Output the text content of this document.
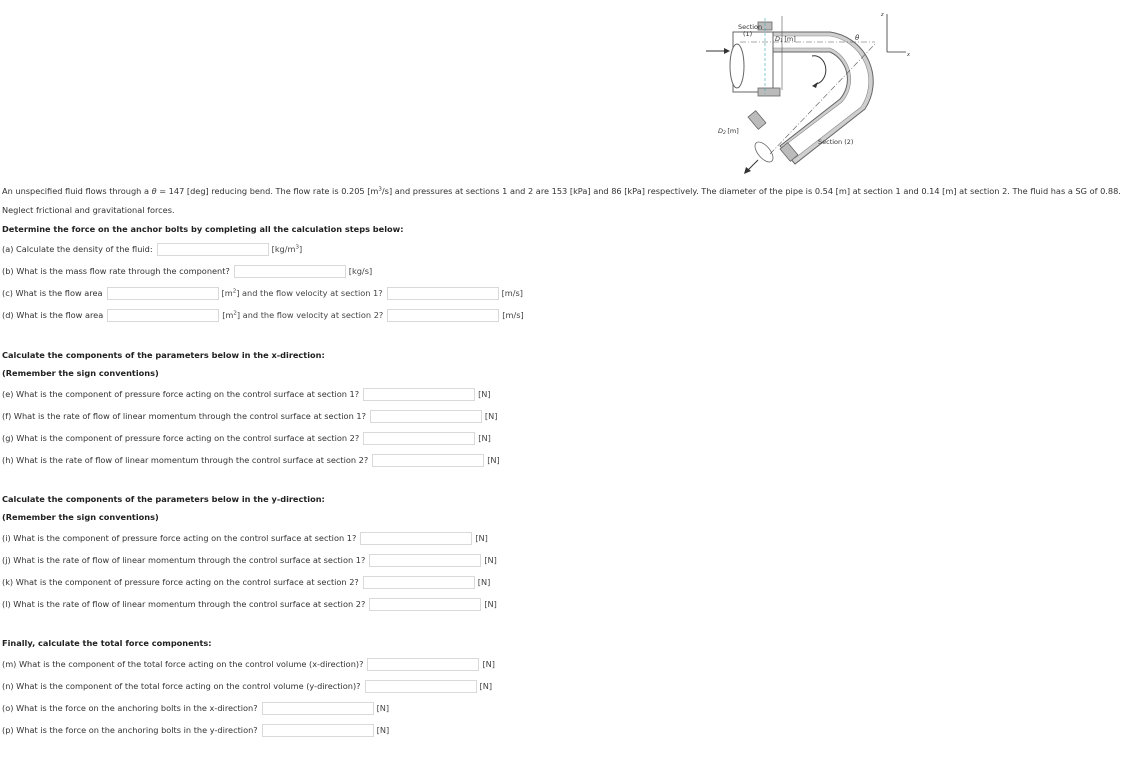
z
x
Section
(1)
D1 [m]	θ
D2 [m]
Section (2)
An unspecified fluid flows through a θ = 147 [deg] reducing bend. The flow rate is 0.205 $[m^3/s]$ and pressures at sections 1 and 2 are 153 [kPa] and 86 [kPa] respectively. The diameter of the pipe is 0.54 [m] at section 1 and 0.14 [m] at section 2. The fluid has a SG of 0.88.
Neglect frictional and gravitational forces.
Determine the force on the anchor bolts by completing all the calculation steps below:
(a) Calculate the density of the fluid:	$[kg/m^3]$
(b) What is the mass flow rate through the component?	[kg/s]
(c) What is the flow area	$[m^2]$ and the flow velocity at section 1?	[m/s]
(d) What is the flow area	$[m^2]$ and the flow velocity at section 2?	[m/s]
Calculate the components of the parameters below in the x-direction:
(Remember the sign conventions)
(e) What is the component of pressure force acting on the control surface at section 1?	[N]
(f) What is the rate of flow of linear momentum through the control surface at section 1?	[N]
(g) What is the component of pressure force acting on the control surface at section 2?	[N]
(h) What is the rate of flow of linear momentum through the control surface at section 2?	[N]
Calculate the components of the parameters below in the y-direction:
(Remember the sign conventions)
(i) What is the component of pressure force acting on the control surface at section 1?	[N]
(j) What is the rate of flow of linear momentum through the control surface at section 1?	[N]
(k) What is the component of pressure force acting on the control surface at section 2?	[N]
(l) What is the rate of flow of linear momentum through the control surface at section 2?	[N]
Finally, calculate the total force components:
(m) What is the component of the total force acting on the control volume (x-direction)?	[N]
(n) What is the component of the total force acting on the control volume (y-direction)?	[N]
(o) What is the force on the anchoring bolts in the x-direction?	[N]
(p) What is the force on the anchoring bolts in the y-direction?	[N]
